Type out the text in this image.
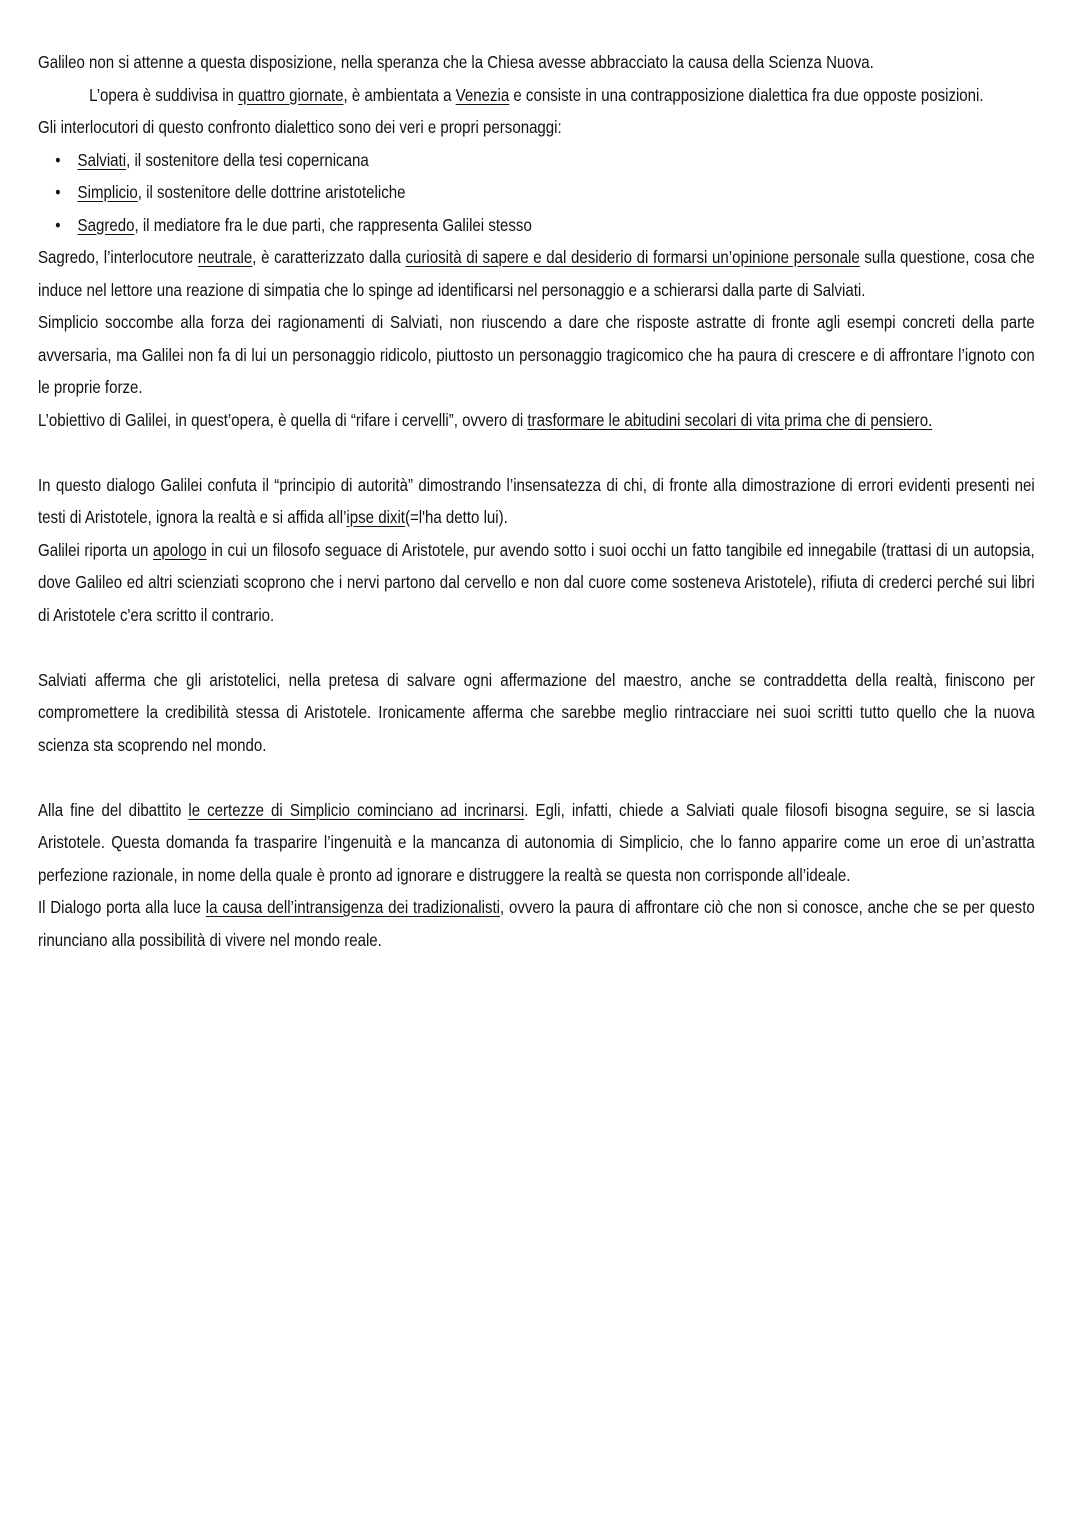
Galileo non si attenne a questa disposizione, nella speranza che la Chiesa avesse abbracciato la causa della Scienza Nuova.

L’opera è suddivisa in quattro giornate, è ambientata a Venezia e consiste in una contrapposizione dialettica fra due opposte posizioni.

Gli interlocutori di questo confronto dialettico sono dei veri e propri personaggi:

• Salviati, il sostenitore della tesi copernicana
• Simplicio, il sostenitore delle dottrine aristoteliche
• Sagredo, il mediatore fra le due parti, che rappresenta Galilei stesso

Sagredo, l’interlocutore neutrale, è caratterizzato dalla curiosità di sapere e dal desiderio di formarsi un’opinione personale sulla questione, cosa che induce nel lettore una reazione di simpatia che lo spinge ad identificarsi nel personaggio e a schierarsi dalla parte di Salviati.

Simplicio soccombe alla forza dei ragionamenti di Salviati, non riuscendo a dare che risposte astratte di fronte agli esempi concreti della parte avversaria, ma Galilei non fa di lui un personaggio ridicolo, piuttosto un personaggio tragicomico che ha paura di crescere e di affrontare l’ignoto con le proprie forze.

L’obiettivo di Galilei, in quest’opera, è quella di “rifare i cervelli”, ovvero di trasformare le abitudini secolari di vita prima che di pensiero.

In questo dialogo Galilei confuta il “principio di autorità” dimostrando l’insensatezza di chi, di fronte alla dimostrazione di errori evidenti presenti nei testi di Aristotele, ignora la realtà e si affida all’ipse dixit(=l'ha detto lui).

Galilei riporta un apologo in cui un filosofo seguace di Aristotele, pur avendo sotto i suoi occhi un fatto tangibile ed innegabile (trattasi di un autopsia, dove Galileo ed altri scienziati scoprono che i nervi partono dal cervello e non dal cuore come sosteneva Aristotele), rifiuta di crederci perché sui libri di Aristotele c'era scritto il contrario.

Salviati afferma che gli aristotelici, nella pretesa di salvare ogni affermazione del maestro, anche se contraddetta della realtà, finiscono per compromettere la credibilità stessa di Aristotele. Ironicamente afferma che sarebbe meglio rintracciare nei suoi scritti tutto quello che la nuova scienza sta scoprendo nel mondo.

Alla fine del dibattito le certezze di Simplicio cominciano ad incrinarsi. Egli, infatti, chiede a Salviati quale filosofi bisogna seguire, se si lascia Aristotele. Questa domanda fa trasparire l’ingenuità e la mancanza di autonomia di Simplicio, che lo fanno apparire come un eroe di un’astratta perfezione razionale, in nome della quale è pronto ad ignorare e distruggere la realtà se questa non corrisponde all’ideale.

Il Dialogo porta alla luce la causa dell’intransigenza dei tradizionalisti, ovvero la paura di affrontare ciò che non si conosce, anche che se per questo rinunciano alla possibilità di vivere nel mondo reale.
